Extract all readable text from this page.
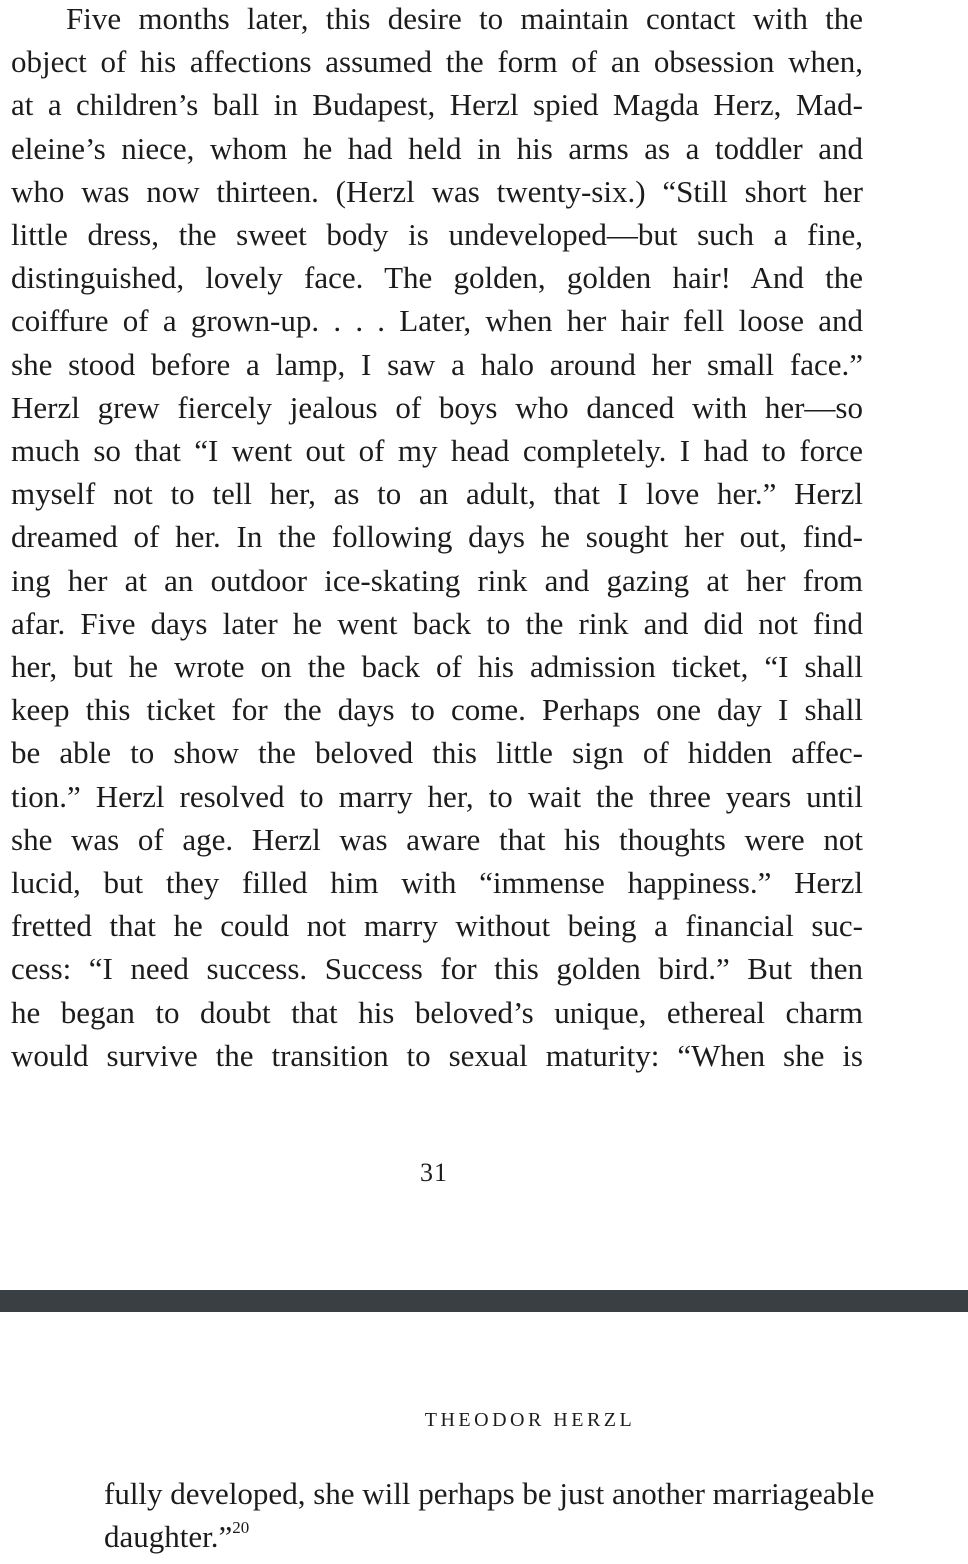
Five months later, this desire to maintain contact with the
object of his affections assumed the form of an obsession when,
at a children’s ball in Budapest, Herzl spied Magda Herz, Mad-
eleine’s niece, whom he had held in his arms as a toddler and
who was now thirteen. (Herzl was twenty-six.) “Still short her
little dress, the sweet body is undeveloped—but such a fine,
distinguished, lovely face. The golden, golden hair! And the
coiffure of a grown-up. . . . Later, when her hair fell loose and
she stood before a lamp, I saw a halo around her small face.”
Herzl grew fiercely jealous of boys who danced with her—so
much so that “I went out of my head completely. I had to force
myself not to tell her, as to an adult, that I love her.” Herzl
dreamed of her. In the following days he sought her out, find-
ing her at an outdoor ice-skating rink and gazing at her from
afar. Five days later he went back to the rink and did not find
her, but he wrote on the back of his admission ticket, “I shall
keep this ticket for the days to come. Perhaps one day I shall
be able to show the beloved this little sign of hidden affec-
tion.” Herzl resolved to marry her, to wait the three years until
she was of age. Herzl was aware that his thoughts were not
lucid, but they filled him with “immense happiness.” Herzl
fretted that he could not marry without being a financial suc-
cess: “I need success. Success for this golden bird.” But then
he began to doubt that his beloved’s unique, ethereal charm
would survive the transition to sexual maturity: “When she is

31
THEODOR HERZL

fully developed, she will perhaps be just another marriageable
daughter.”$^{20}$
